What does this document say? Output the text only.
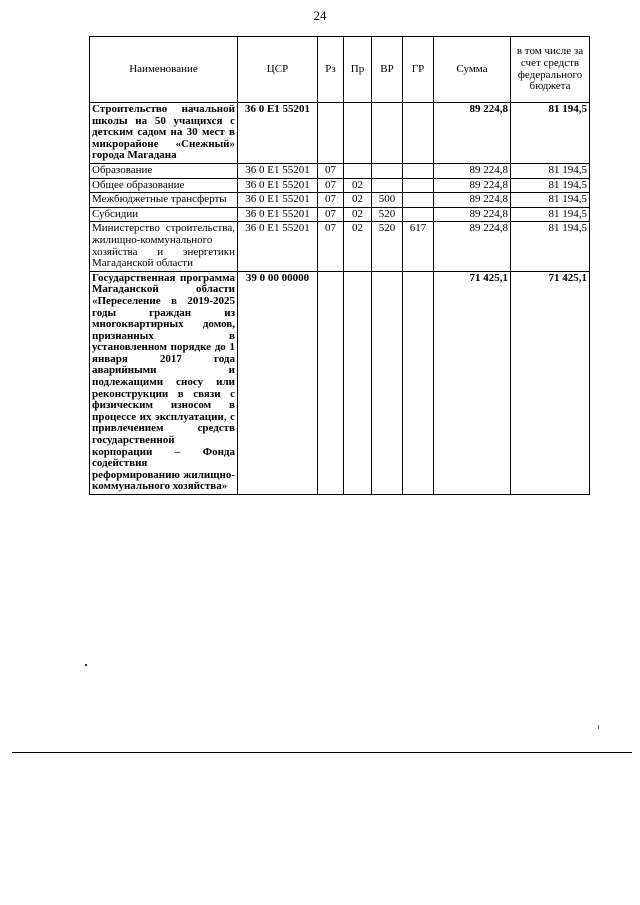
24
Наименование	ЦСР	Рз	Пр	ВР	ГР	Сумма	в том числе за счет средств федерального бюджета
Строительство начальной школы на 50 учащихся с детским садом на 30 мест в микрорайоне «Снежный» города Магадана	36 0 E1 55201					89 224,8	81 194,5
Образование	36 0 E1 55201	07				89 224,8	81 194,5
Общее образование	36 0 E1 55201	07	02			89 224,8	81 194,5
Межбюджетные трансферты	36 0 E1 55201	07	02	500		89 224,8	81 194,5
Субсидии	36 0 E1 55201	07	02	520		89 224,8	81 194,5
Министерство строительства, жилищно-коммунального хозяйства и энергетики Магаданской области	36 0 E1 55201	07	02	520	617	89 224,8	81 194,5
Государственная программа Магаданской области «Переселение в 2019-2025 годы граждан из многоквартирных домов, признанных в установленном порядке до 1 января 2017 года аварийными и подлежащими сносу или реконструкции в связи с физическим износом в процессе их эксплуатации, с привлечением средств государственной корпорации – Фонда содействия реформированию жилищно-коммунального хозяйства»	39 0 00 00000					71 425,1	71 425,1
